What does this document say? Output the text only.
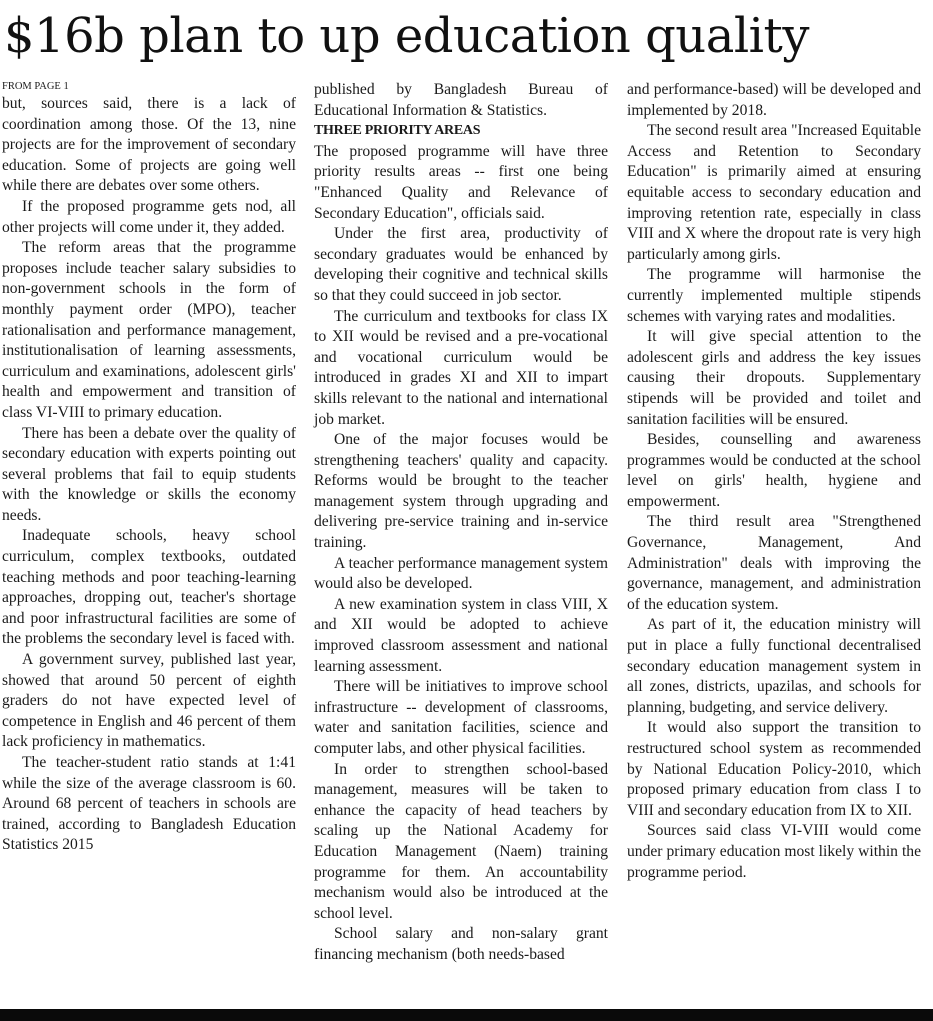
$16b plan to up education quality
FROM PAGE 1

but, sources said, there is a lack of coordination among those. Of the 13, nine projects are for the improvement of secondary education. Some of projects are going well while there are debates over some others.

If the proposed programme gets nod, all other projects will come under it, they added.

The reform areas that the programme proposes include teacher salary subsidies to non-government schools in the form of monthly payment order (MPO), teacher rationalisation and performance management, institutionalisation of learning assessments, curriculum and examinations, adolescent girls' health and empowerment and transition of class VI-VIII to primary education.

There has been a debate over the quality of secondary education with experts pointing out several problems that fail to equip students with the knowledge or skills the economy needs.

Inadequate schools, heavy school curriculum, complex textbooks, outdated teaching methods and poor teaching-learning approaches, dropping out, teacher's shortage and poor infrastructural facilities are some of the problems the secondary level is faced with.

A government survey, published last year, showed that around 50 percent of eighth graders do not have expected level of competence in English and 46 percent of them lack proficiency in mathematics.

The teacher-student ratio stands at 1:41 while the size of the average classroom is 60. Around 68 percent of teachers in schools are trained, according to Bangladesh Education Statistics 2015

published by Bangladesh Bureau of Educational Information & Statistics.

THREE PRIORITY AREAS

The proposed programme will have three priority results areas -- first one being "Enhanced Quality and Relevance of Secondary Education", officials said.

Under the first area, productivity of secondary graduates would be enhanced by developing their cognitive and technical skills so that they could succeed in job sector.

The curriculum and textbooks for class IX to XII would be revised and a pre-vocational and vocational curriculum would be introduced in grades XI and XII to impart skills relevant to the national and international job market.

One of the major focuses would be strengthening teachers' quality and capacity. Reforms would be brought to the teacher management system through upgrading and delivering pre-service training and in-service training.

A teacher performance management system would also be developed.

A new examination system in class VIII, X and XII would be adopted to achieve improved classroom assessment and national learning assessment.

There will be initiatives to improve school infrastructure -- development of classrooms, water and sanitation facilities, science and computer labs, and other physical facilities.

In order to strengthen school-based management, measures will be taken to enhance the capacity of head teachers by scaling up the National Academy for Education Management (Naem) training programme for them. An accountability mechanism would also be introduced at the school level.

School salary and non-salary grant financing mechanism (both needs-based

and performance-based) will be developed and implemented by 2018.

The second result area "Increased Equitable Access and Retention to Secondary Education" is primarily aimed at ensuring equitable access to secondary education and improving retention rate, especially in class VIII and X where the dropout rate is very high particularly among girls.

The programme will harmonise the currently implemented multiple stipends schemes with varying rates and modalities.

It will give special attention to the adolescent girls and address the key issues causing their dropouts. Supplementary stipends will be provided and toilet and sanitation facilities will be ensured.

Besides, counselling and awareness programmes would be conducted at the school level on girls' health, hygiene and empowerment.

The third result area "Strengthened Governance, Management, And Administration" deals with improving the governance, management, and administration of the education system.

As part of it, the education ministry will put in place a fully functional decentralised secondary education management system in all zones, districts, upazilas, and schools for planning, budgeting, and service delivery.

It would also support the transition to restructured school system as recommended by National Education Policy-2010, which proposed primary education from class I to VIII and secondary education from IX to XII.

Sources said class VI-VIII would come under primary education most likely within the programme period.
